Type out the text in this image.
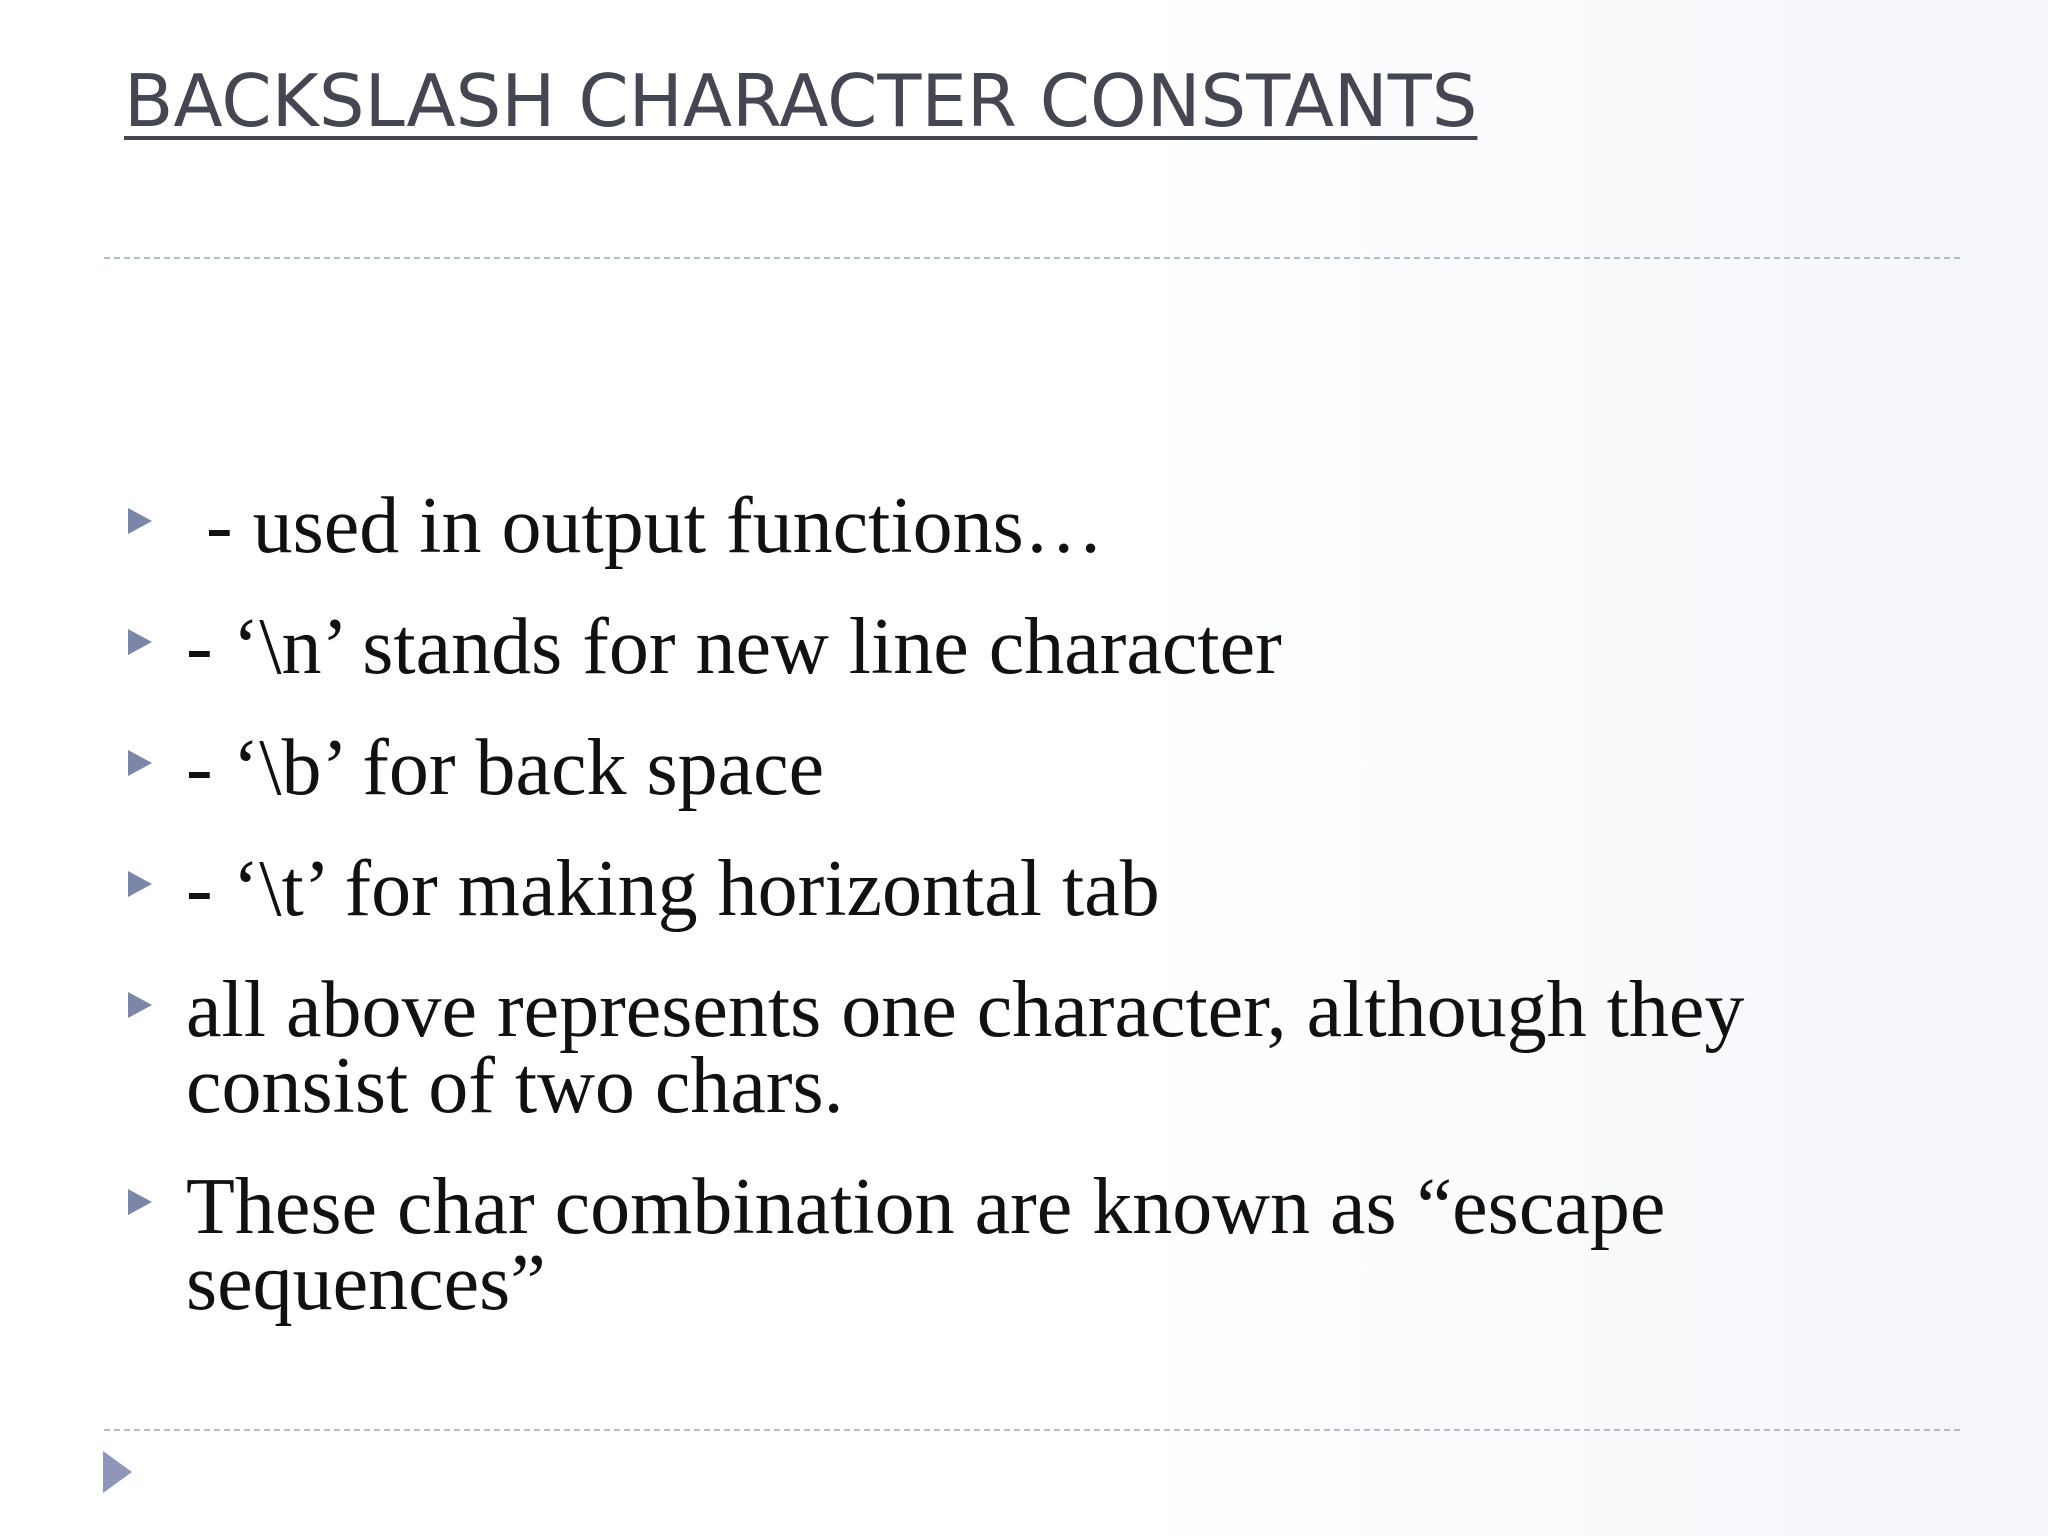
BACKSLASH CHARACTER CONSTANTS
- used in output functions…
- ‘\n’ stands for new line character
- ‘\b’ for back space
- ‘\t’ for making horizontal tab
all above represents one character, although they consist of two chars.
These char combination are known as “escape sequences”
